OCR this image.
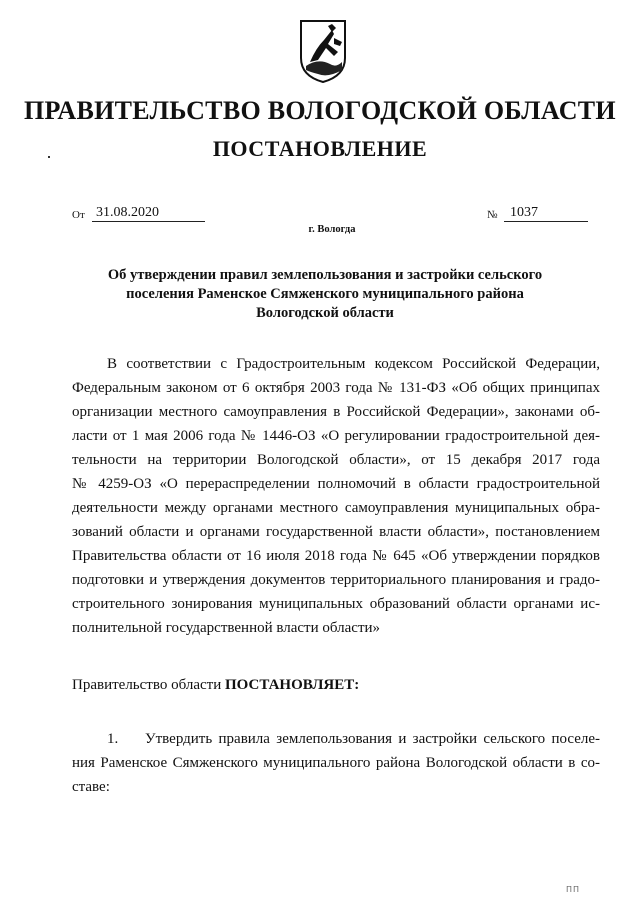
ПРАВИТЕЛЬСТВО ВОЛОГОДСКОЙ ОБЛАСТИ
ПОСТАНОВЛЕНИЕ
От 31.08.2020	№ 1037
г. Вологда
Об утверждении правил землепользования и застройки сельского
поселения Раменское Сямженского муниципального района
Вологодской области
В соответствии с Градостроительным кодексом Российской Федерации,
Федеральным законом от 6 октября 2003 года № 131-ФЗ «Об общих принципах
организации местного самоуправления в Российской Федерации», законами об-
ласти от 1 мая 2006 года № 1446-ОЗ «О регулировании градостроительной дея-
тельности на территории Вологодской области», от 15 декабря 2017 года
№ 4259-ОЗ «О перераспределении полномочий в области градостроительной
деятельности между органами местного самоуправления муниципальных обра-
зований области и органами государственной власти области», постановлением
Правительства области от 16 июля 2018 года № 645 «Об утверждении порядков
подготовки и утверждения документов территориального планирования и градо-
строительного зонирования муниципальных образований области органами ис-
полнительной государственной власти области»
Правительство области ПОСТАНОВЛЯЕТ:
1. Утвердить правила землепользования и застройки сельского поселе-
ния Раменское Сямженского муниципального района Вологодской области в со-
ставе:
ПП
